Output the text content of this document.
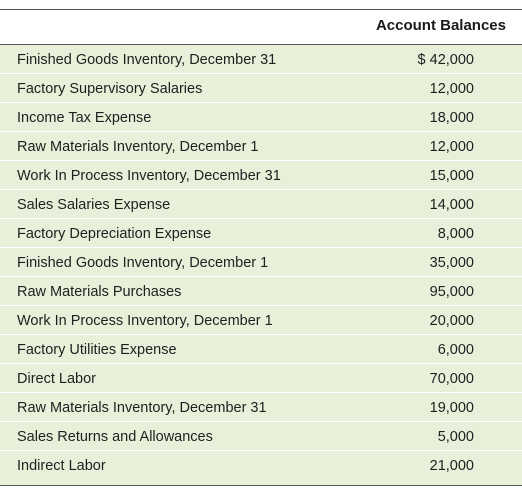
Account Balances
Finished Goods Inventory, December 31	$ 42,000
Factory Supervisory Salaries	12,000
Income Tax Expense	18,000
Raw Materials Inventory, December 1	12,000
Work In Process Inventory, December 31	15,000
Sales Salaries Expense	14,000
Factory Depreciation Expense	8,000
Finished Goods Inventory, December 1	35,000
Raw Materials Purchases	95,000
Work In Process Inventory, December 1	20,000
Factory Utilities Expense	6,000
Direct Labor	70,000
Raw Materials Inventory, December 31	19,000
Sales Returns and Allowances	5,000
Indirect Labor	21,000
